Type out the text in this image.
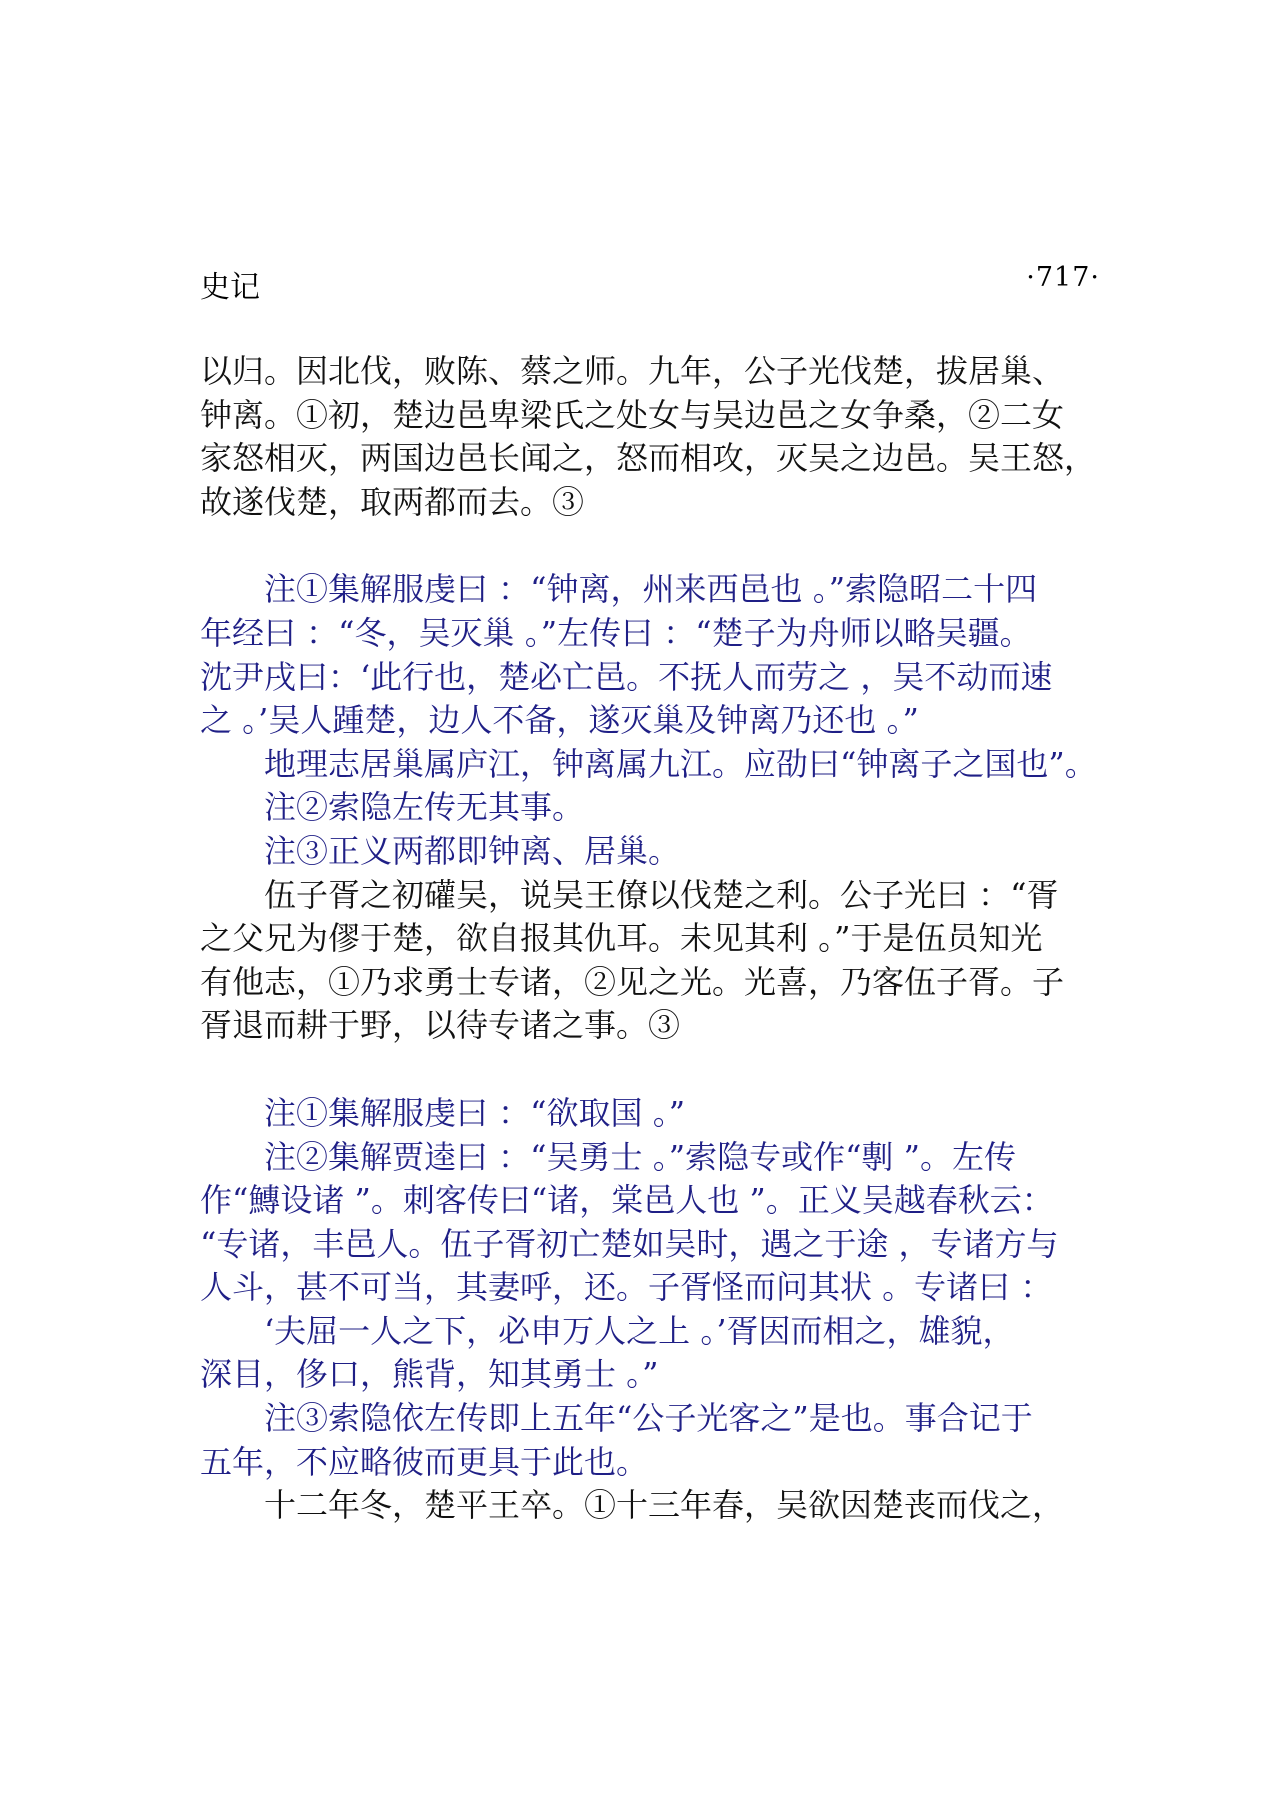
史记	·717·
以归。因北伐，败陈、蔡之师。九年，公子光伐楚，拔居巢、
钟离。①初，楚边邑卑梁氏之处女与吴边邑之女争桑，②二女
家怒相灭，两国边邑长闻之，怒而相攻，灭吴之边邑。吴王怒，
故遂伐楚，取两都而去。③
　　注①集解服虔曰 ：“钟离，州来西邑也 。”索隐昭二十四
年经曰 ：“冬，吴灭巢 。”左传曰 ：“楚子为舟师以略吴疆。
沈尹戌曰：‘此行也，楚必亡邑。不抚人而劳之 ，吴不动而速
之 。’吴人踵楚，边人不备，遂灭巢及钟离乃还也 。”
　　地理志居巢属庐江，钟离属九江。应劭曰“钟离子之国也”。
　　注②索隐左传无其事。
　　注③正义两都即钟离、居巢。
　　伍子胥之初礶吴，说吴王僚以伐楚之利。公子光曰 ：“胥
之父兄为僇于楚，欲自报其仇耳。未见其利 。”于是伍员知光
有他志，①乃求勇士专诸，②见之光。光喜，乃客伍子胥。子
胥退而耕于野，以待专诸之事。③
　　注①集解服虔曰 ：“欲取国 。”
　　注②集解贾逵曰 ：“吴勇士 。”索隐专或作“剸 ”。左传
作“鱄设诸 ”。刺客传曰“诸，棠邑人也 ”。正义吴越春秋云：
“专诸，丰邑人。伍子胥初亡楚如吴时，遇之于途 ，专诸方与
人斗，甚不可当，其妻呼，还。子胥怪而问其状 。专诸曰 ：
　　‘夫屈一人之下，必申万人之上 。’胥因而相之，雄貌，
深目，侈口，熊背，知其勇士 。”
　　注③索隐依左传即上五年“公子光客之”是也。事合记于
五年，不应略彼而更具于此也。
　　十二年冬，楚平王卒。①十三年春，吴欲因楚丧而伐之，
